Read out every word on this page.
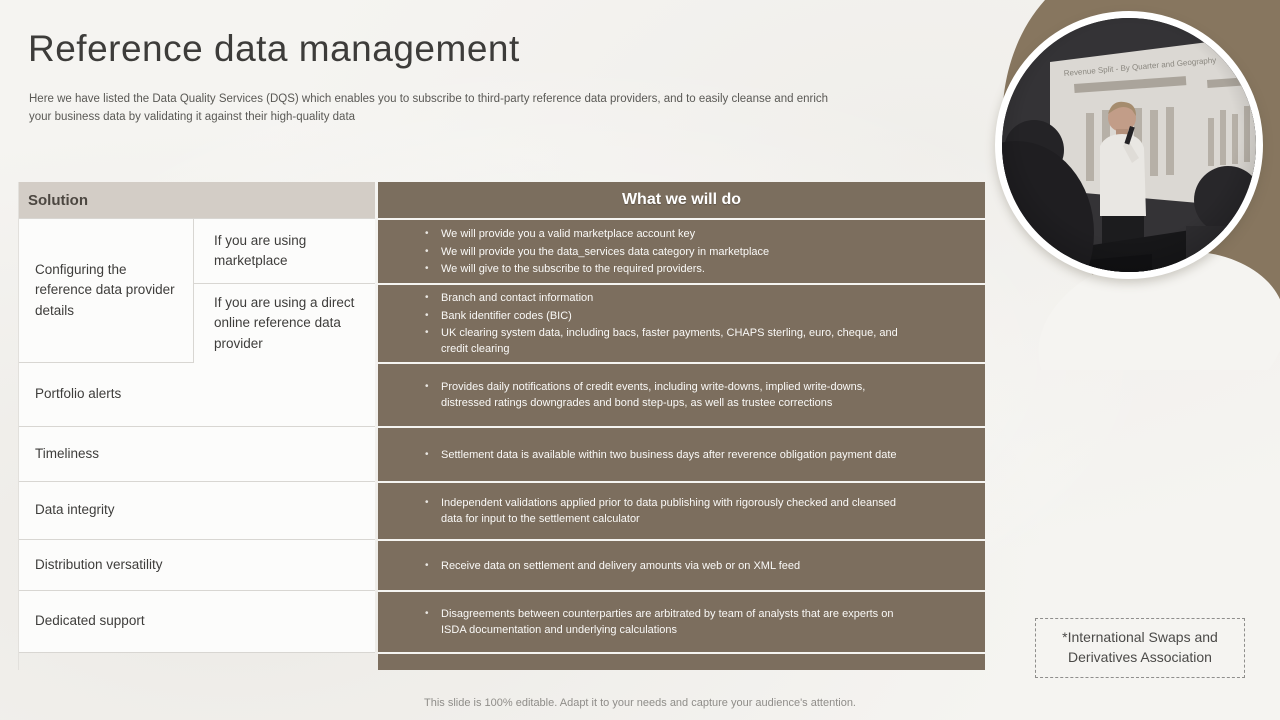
Reference data management
Here we have listed the Data Quality Services (DQS) which enables you to subscribe to third-party reference data providers, and to easily cleanse and enrich your business data by validating it against their high-quality data
Solution
Configuring the reference data provider details
If you are using marketplace
If you are using a direct online reference data provider
Portfolio alerts
Timeliness
Data integrity
Distribution versatility
Dedicated support
What we will do
• We will provide you a valid marketplace account key
• We will provide you the data_services data category in marketplace
• We will give to the subscribe to the required providers.
• Branch and contact information
• Bank identifier codes (BIC)
• UK clearing system data, including bacs, faster payments, CHAPS sterling, euro, cheque, and credit clearing
• Provides daily notifications of credit events, including write-downs, implied write-downs, distressed ratings downgrades and bond step-ups, as well as trustee corrections
• Settlement data is available within two business days after reverence obligation payment date
• Independent validations applied prior to data publishing with rigorously checked and cleansed data for input to the settlement calculator
• Receive data on settlement and delivery amounts via web or on XML feed
• Disagreements between counterparties are arbitrated by team of analysts that are experts on ISDA documentation and underlying calculations	*International Swaps and Derivatives Association
This slide is 100% editable. Adapt it to your needs and capture your audience's attention.
